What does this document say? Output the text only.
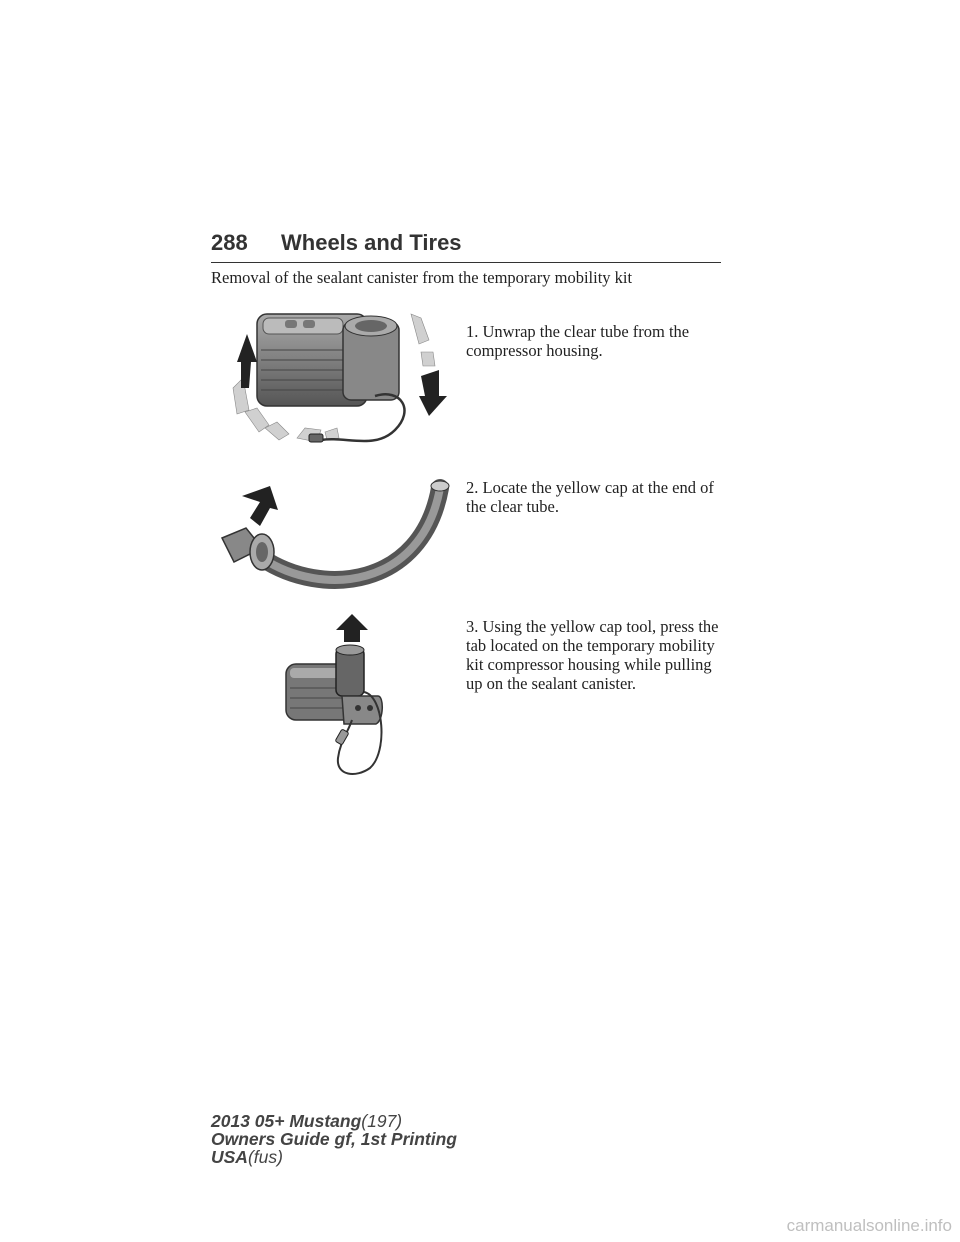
288 Wheels and Tires
Removal of the sealant canister from the temporary mobility kit
1. Unwrap the clear tube from the compressor housing.
2. Locate the yellow cap at the end of the clear tube.
3. Using the yellow cap tool, press the tab located on the temporary mobility kit compressor housing while pulling up on the sealant canister.
2013 05+ Mustang(197)
Owners Guide gf, 1st Printing
USA(fus)
carmanualsonline.info
